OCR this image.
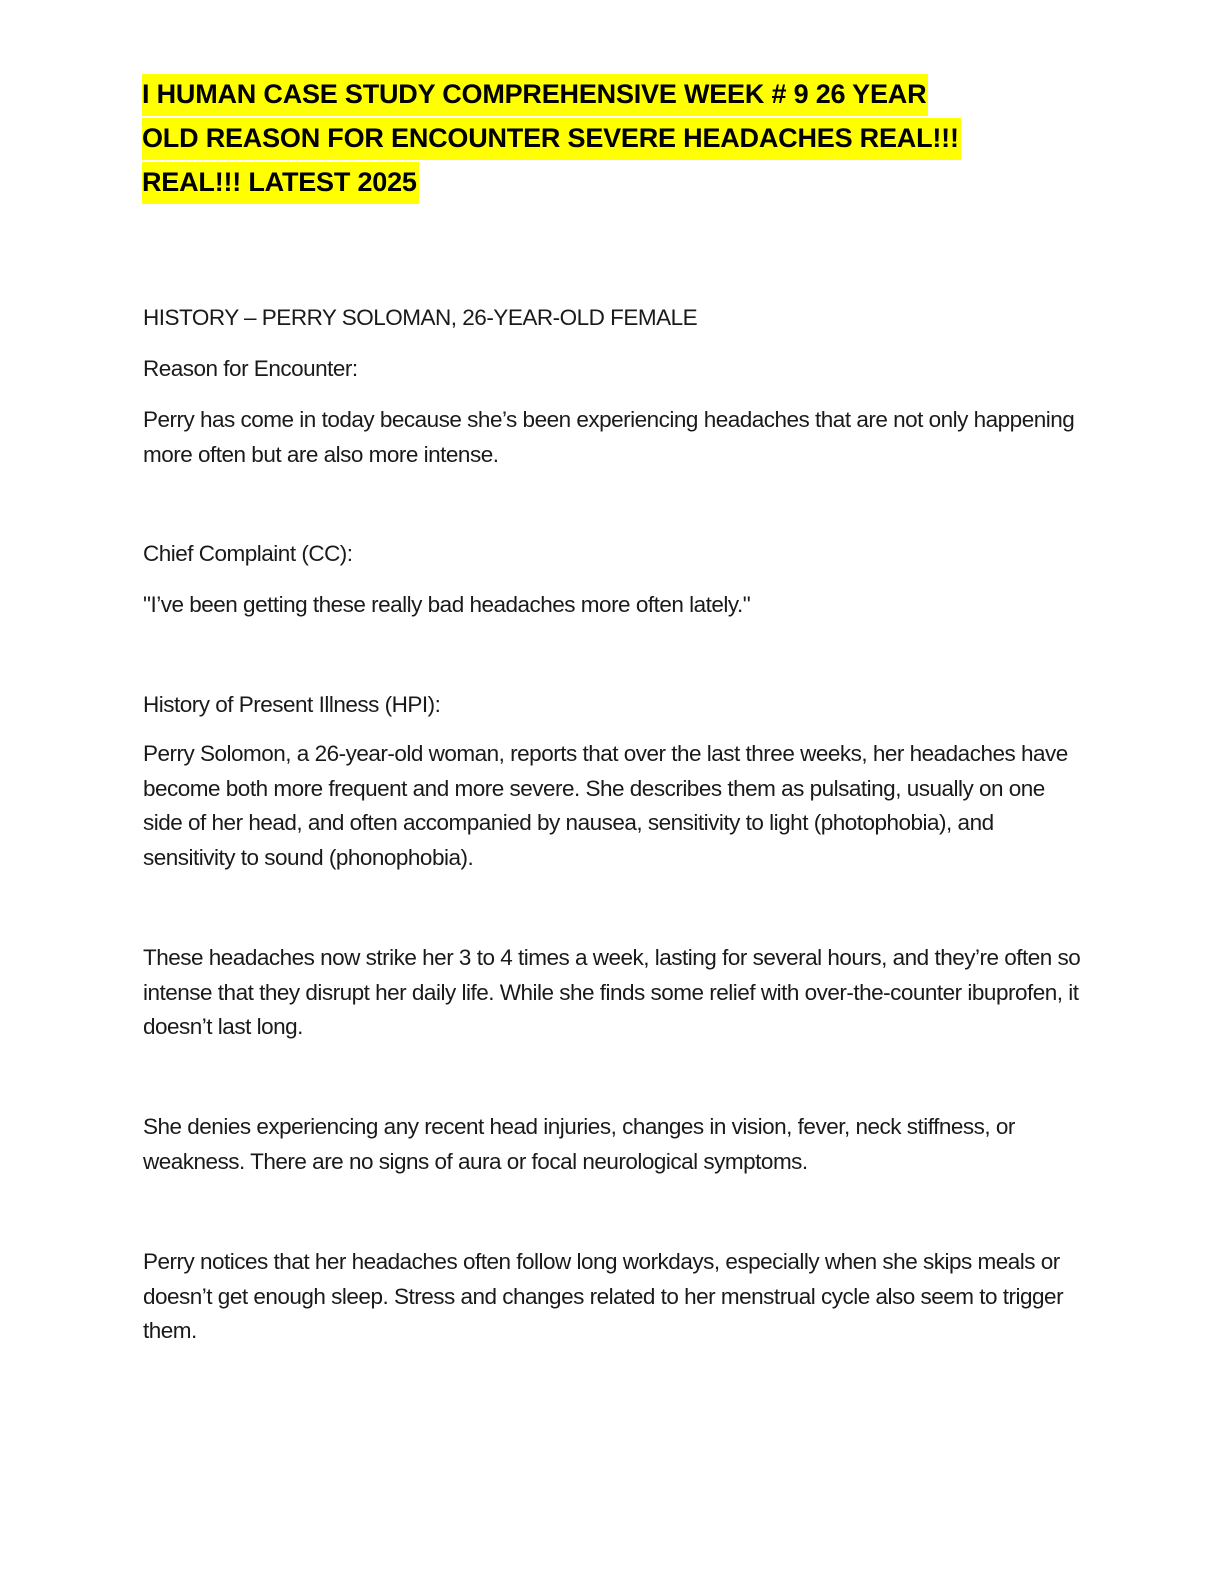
I HUMAN CASE STUDY COMPREHENSIVE WEEK # 9 26 YEAR
OLD REASON FOR ENCOUNTER SEVERE HEADACHES REAL!!!
REAL!!! LATEST 2025

HISTORY – PERRY SOLOMAN, 26-YEAR-OLD FEMALE

Reason for Encounter:

Perry has come in today because she’s been experiencing headaches that are not only happening more often but are also more intense.

Chief Complaint (CC):

"I’ve been getting these really bad headaches more often lately."

History of Present Illness (HPI):

Perry Solomon, a 26-year-old woman, reports that over the last three weeks, her headaches have become both more frequent and more severe. She describes them as pulsating, usually on one side of her head, and often accompanied by nausea, sensitivity to light (photophobia), and sensitivity to sound (phonophobia).

These headaches now strike her 3 to 4 times a week, lasting for several hours, and they’re often so intense that they disrupt her daily life. While she finds some relief with over-the-counter ibuprofen, it doesn’t last long.

She denies experiencing any recent head injuries, changes in vision, fever, neck stiffness, or weakness. There are no signs of aura or focal neurological symptoms.

Perry notices that her headaches often follow long workdays, especially when she skips meals or doesn’t get enough sleep. Stress and changes related to her menstrual cycle also seem to trigger them.
